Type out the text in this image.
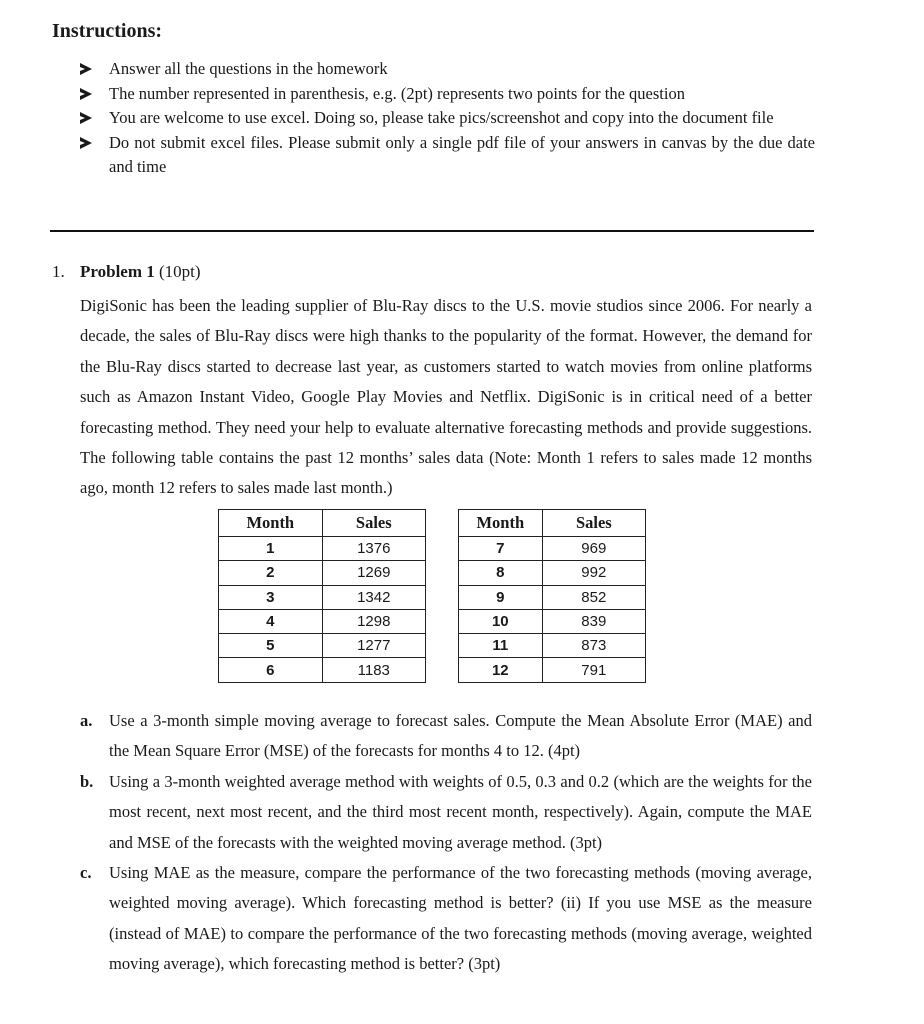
Instructions:
Answer all the questions in the homework
The number represented in parenthesis, e.g. (2pt) represents two points for the question
You are welcome to use excel. Doing so, please take pics/screenshot and copy into the document file
Do not submit excel files. Please submit only a single pdf file of your answers in canvas by the due date and time
1. Problem 1 (10pt)

DigiSonic has been the leading supplier of Blu-Ray discs to the U.S. movie studios since 2006. For nearly a decade, the sales of Blu-Ray discs were high thanks to the popularity of the format. However, the demand for the Blu-Ray discs started to decrease last year, as customers started to watch movies from online platforms such as Amazon Instant Video, Google Play Movies and Netflix. DigiSonic is in critical need of a better forecasting method. They need your help to evaluate alternative forecasting methods and provide suggestions. The following table contains the past 12 months’ sales data (Note: Month 1 refers to sales made 12 months ago, month 12 refers to sales made last month.)

Month	Sales
1	1376
2	1269
3	1342
4	1298
5	1277
6	1183
Month	Sales
7	969
8	992
9	852
10	839
11	873
12	791
a. Use a 3-month simple moving average to forecast sales. Compute the Mean Absolute Error (MAE) and the Mean Square Error (MSE) of the forecasts for months 4 to 12. (4pt)
b. Using a 3-month weighted average method with weights of 0.5, 0.3 and 0.2 (which are the weights for the most recent, next most recent, and the third most recent month, respectively). Again, compute the MAE and MSE of the forecasts with the weighted moving average method. (3pt)
c. Using MAE as the measure, compare the performance of the two forecasting methods (moving average, weighted moving average). Which forecasting method is better? (ii) If you use MSE as the measure (instead of MAE) to compare the performance of the two forecasting methods (moving average, weighted moving average), which forecasting method is better? (3pt)
